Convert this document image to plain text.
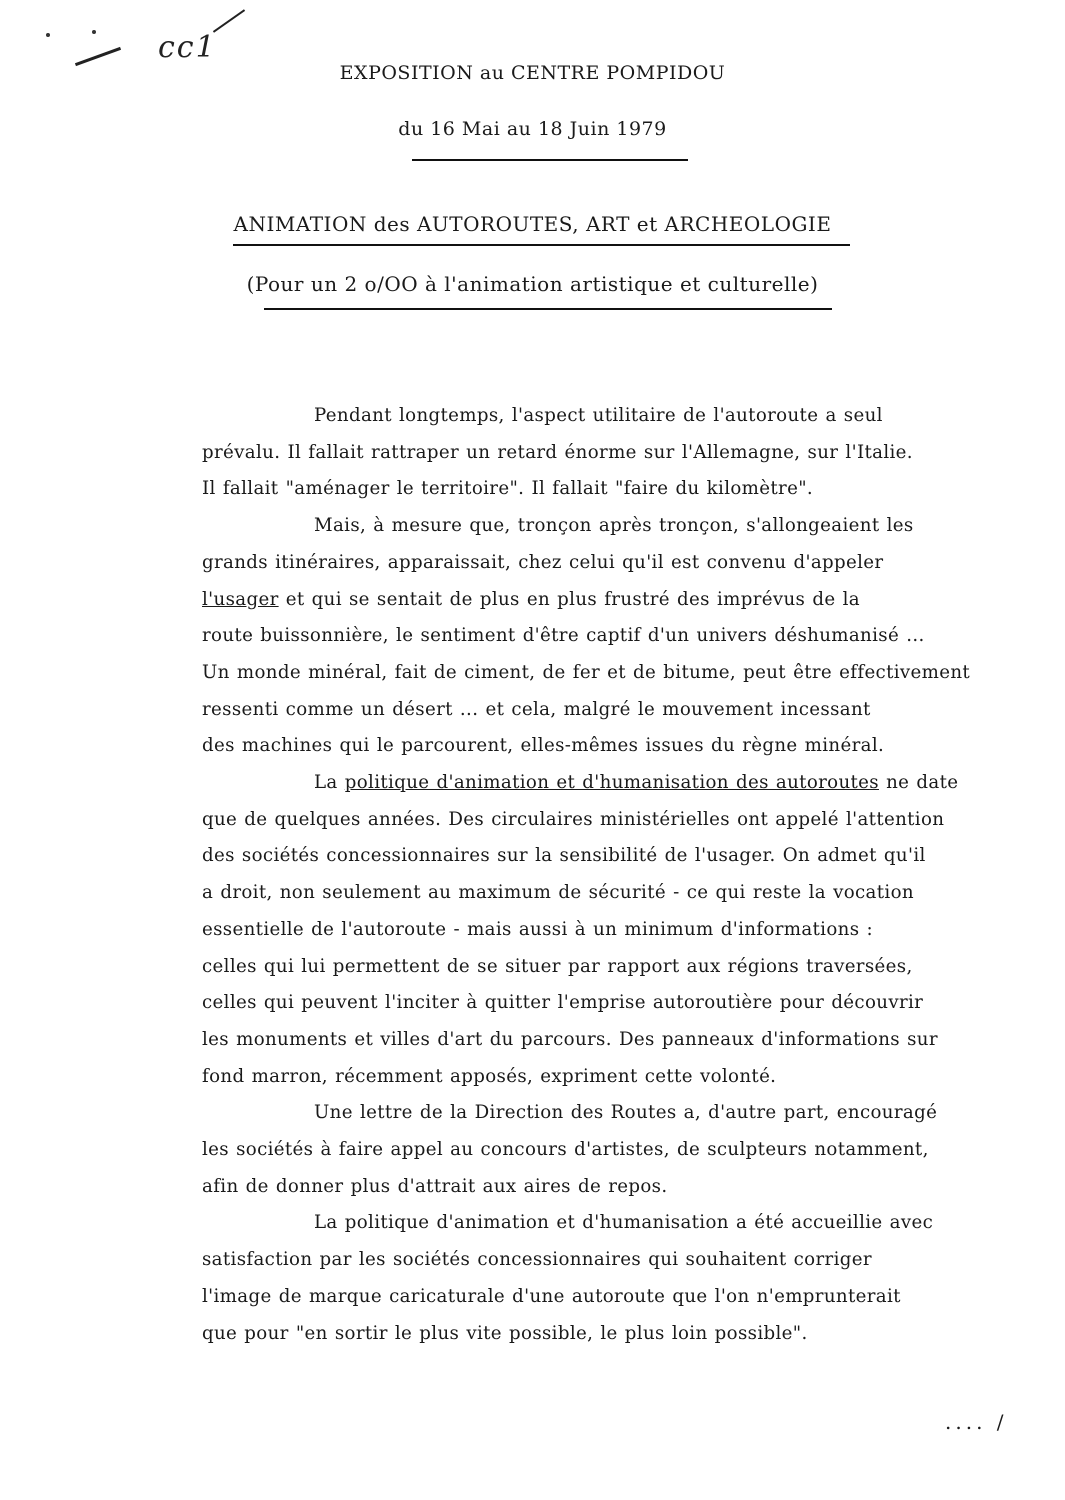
cc1
EXPOSITION au CENTRE POMPIDOU
du 16 Mai au 18 Juin 1979
ANIMATION des AUTOROUTES, ART et ARCHEOLOGIE
(Pour un 2 o/OO à l'animation artistique et culturelle)

Pendant longtemps, l'aspect utilitaire de l'autoroute a seul

prévalu. Il fallait rattraper un retard énorme sur l'Allemagne, sur l'Italie.

Il fallait "aménager le territoire". Il fallait "faire du kilomètre".

Mais, à mesure que, tronçon après tronçon, s'allongeaient les

grands itinéraires, apparaissait, chez celui qu'il est convenu d'appeler

l'usager et qui se sentait de plus en plus frustré des imprévus de la

route buissonnière, le sentiment d'être captif d'un univers déshumanisé ...

Un monde minéral, fait de ciment, de fer et de bitume, peut être effectivement

ressenti comme un désert ... et cela, malgré le mouvement incessant

des machines qui le parcourent, elles-mêmes issues du règne minéral.

La politique d'animation et d'humanisation des autoroutes ne date

que de quelques années. Des circulaires ministérielles ont appelé l'attention

des sociétés concessionnaires sur la sensibilité de l'usager. On admet qu'il

a droit, non seulement au maximum de sécurité - ce qui reste la vocation

essentielle de l'autoroute - mais aussi à un minimum d'informations :

celles qui lui permettent de se situer par rapport aux régions traversées,

celles qui peuvent l'inciter à quitter l'emprise autoroutière pour découvrir

les monuments et villes d'art du parcours. Des panneaux d'informations sur

fond marron, récemment apposés, expriment cette volonté.

Une lettre de la Direction des Routes a, d'autre part, encouragé

les sociétés à faire appel au concours d'artistes, de sculpteurs notamment,

afin de donner plus d'attrait aux aires de repos.

La politique d'animation et d'humanisation a été accueillie avec

satisfaction par les sociétés concessionnaires qui souhaitent corriger

l'image de marque caricaturale d'une autoroute que l'on n'emprunterait

que pour "en sortir le plus vite possible, le plus loin possible".

.... /
